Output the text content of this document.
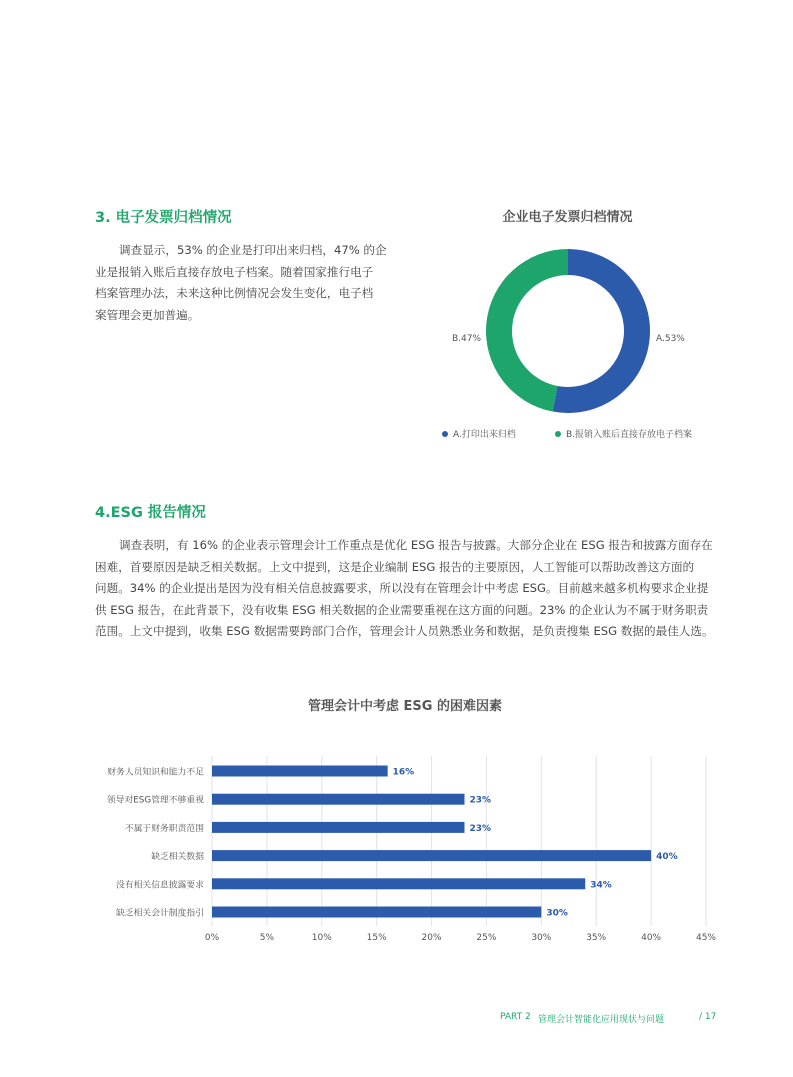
3. 电子发票归档情况
调查显示，53% 的企业是打印出来归档，47% 的企
业是报销入账后直接存放电子档案。随着国家推行电子
档案管理办法，未来这种比例情况会发生变化，电子档
案管理会更加普遍。
企业电子发票归档情况
A.53%
B.47%
A.打印出来归档	B.报销入账后直接存放电子档案
4.ESG 报告情况
调查表明，有 16% 的企业表示管理会计工作重点是优化 ESG 报告与披露。大部分企业在 ESG 报告和披露方面存在
困难，首要原因是缺乏相关数据。上文中提到，这是企业编制 ESG 报告的主要原因，人工智能可以帮助改善这方面的
问题。34% 的企业提出是因为没有相关信息披露要求，所以没有在管理会计中考虑 ESG。目前越来越多机构要求企业提
供 ESG 报告，在此背景下，没有收集 ESG 相关数据的企业需要重视在这方面的问题。23% 的企业认为不属于财务职责
范围。上文中提到，收集 ESG 数据需要跨部门合作，管理会计人员熟悉业务和数据，是负责搜集 ESG 数据的最佳人选。
管理会计中考虑 ESG 的困难因素
财务人员知识和能力不足
领导对ESG管理不够重视
不属于财务职责范围
缺乏相关数据
没有相关信息披露要求
缺乏相关会计制度指引
16%
23%
23%
40%
34%
30%
0%	5%	10%	15%	20%	25%	30%	35%	40%	45%
PART 2 管理会计智能化应用现状与问题	/ 17
